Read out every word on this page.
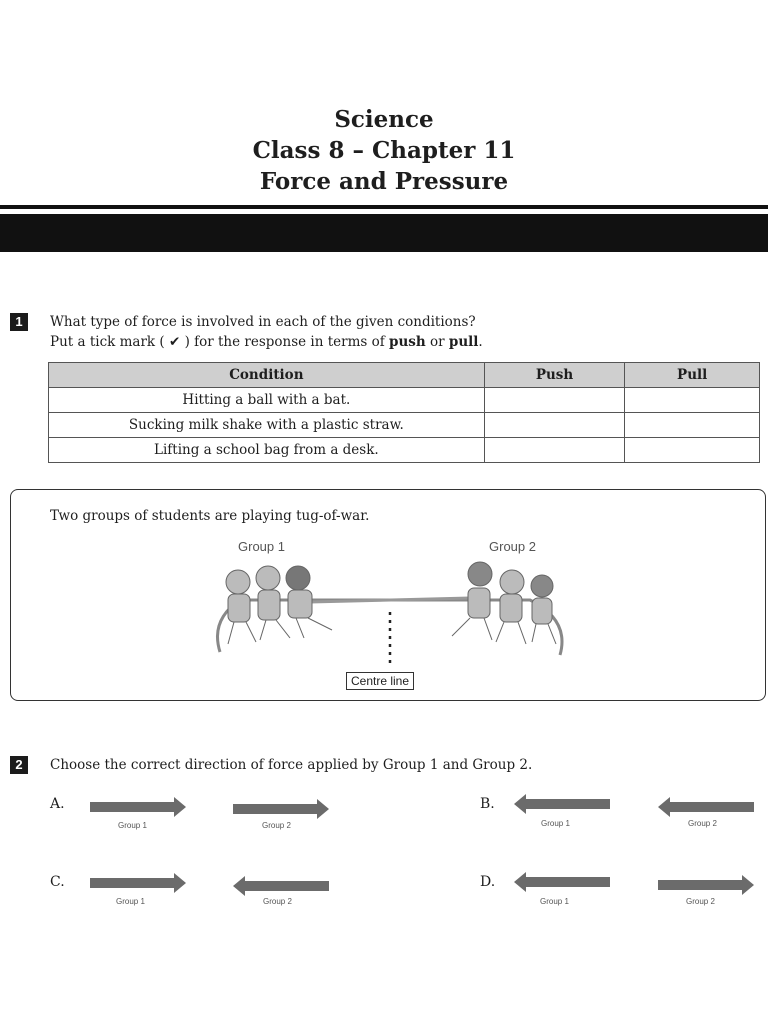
Science
Class 8 – Chapter 11
Force and Pressure
1	What type of force is involved in each of the given conditions?
Put a tick mark ( ✔ ) for the response in terms of push or pull.
Condition	Push	Pull
Hitting a ball with a bat.		
Sucking milk shake with a plastic straw.		
Lifting a school bag from a desk.		
Two groups of students are playing tug-of-war.
Group 1	Group 2
Centre line
2	Choose the correct direction of force applied by Group 1 and Group 2.
A.
Group 1	Group 2
B.
Group 1	Group 2
C.
Group 1	Group 2
D.
Group 1	Group 2
